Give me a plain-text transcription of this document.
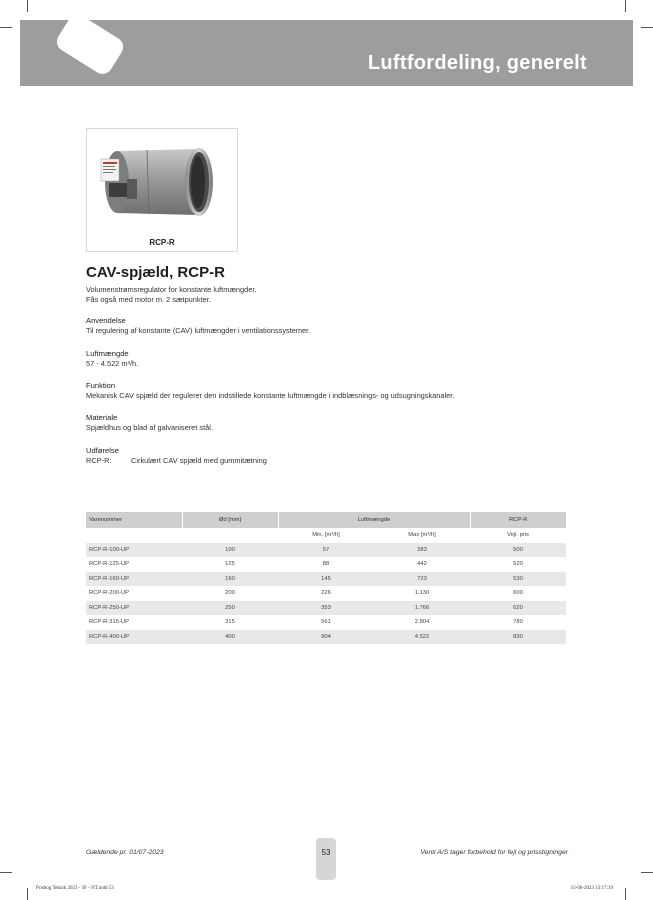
Luftfordeling, generelt
RCP-R
CAV-spjæld, RCP-R
Volumenstrømsregulator for konstante luftmængder.
Fås også med motor m. 2 sætpunkter.
Anvendelse
Til regulering af konstante (CAV) luftmængder i ventilationssystemer.
Luftmængde
57 - 4.522 m³/h.
Funktion
Mekanisk CAV spjæld der regulerer den indstillede konstante luftmængde i indblæsnings- og udsugningskanaler.
Materiale
Spjældhus og blad af galvaniseret stål.
Udførelse
RCP-R:	Cirkulært CAV spjæld med gummitætning
Varenummer	Ød [mm]	Luftmængde		RCP-R
		Min. [m³/h]	Max [m³/h]	Vejl. pris
RCP-R-100-UP	100	57	283	500
RCP-R-125-UP	125	88	442	520
RCP-R-160-UP	160	145	723	530
RCP-R-200-UP	200	226	1.130	600
RCP-R-250-UP	250	353	1.766	620
RCP-R-315-UP	315	561	2.804	780
RCP-R-400-UP	400	904	4.522	830
Gældende pr. 01/07-2023	53	Venti A/S tager forbehold for fejl og prisstigninger
Prisbog Teknik 2023 - 3F - NT.indd 53	15-06-2023 13:17:19
